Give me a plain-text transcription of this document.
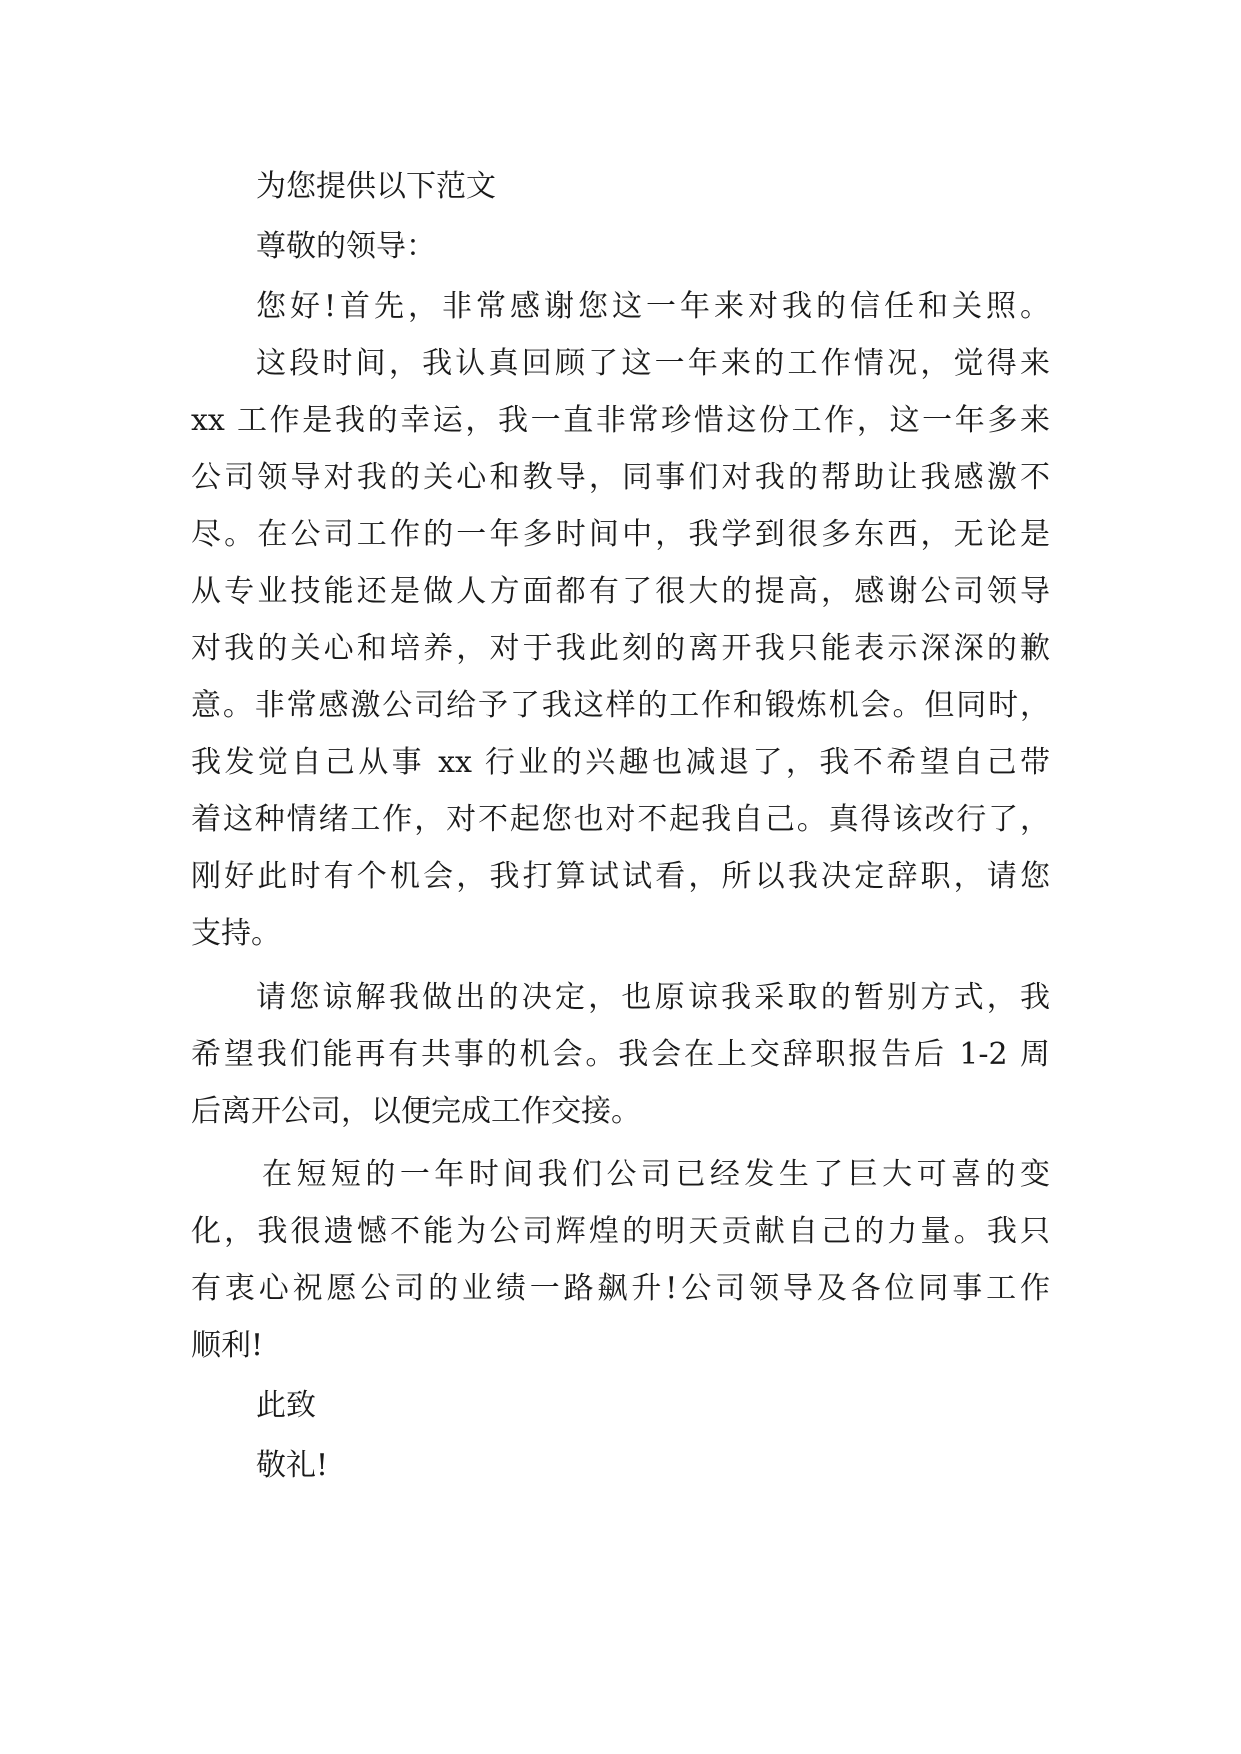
为您提供以下范文

尊敬的领导：

您好!首先，非常感谢您这一年来对我的信任和关照。

这段时间，我认真回顾了这一年来的工作情况，觉得来

xx 工作是我的幸运，我一直非常珍惜这份工作，这一年多来

公司领导对我的关心和教导，同事们对我的帮助让我感激不

尽。在公司工作的一年多时间中，我学到很多东西，无论是

从专业技能还是做人方面都有了很大的提高，感谢公司领导

对我的关心和培养，对于我此刻的离开我只能表示深深的歉

意。非常感激公司给予了我这样的工作和锻炼机会。但同时，

我发觉自己从事 xx 行业的兴趣也减退了，我不希望自己带

着这种情绪工作，对不起您也对不起我自己。真得该改行了，

刚好此时有个机会，我打算试试看，所以我决定辞职，请您

支持。

请您谅解我做出的决定，也原谅我采取的暂别方式，我

希望我们能再有共事的机会。我会在上交辞职报告后 1-2 周

后离开公司，以便完成工作交接。

在短短的一年时间我们公司已经发生了巨大可喜的变

化，我很遗憾不能为公司辉煌的明天贡献自己的力量。我只

有衷心祝愿公司的业绩一路飙升!公司领导及各位同事工作

顺利!

此致

敬礼!
